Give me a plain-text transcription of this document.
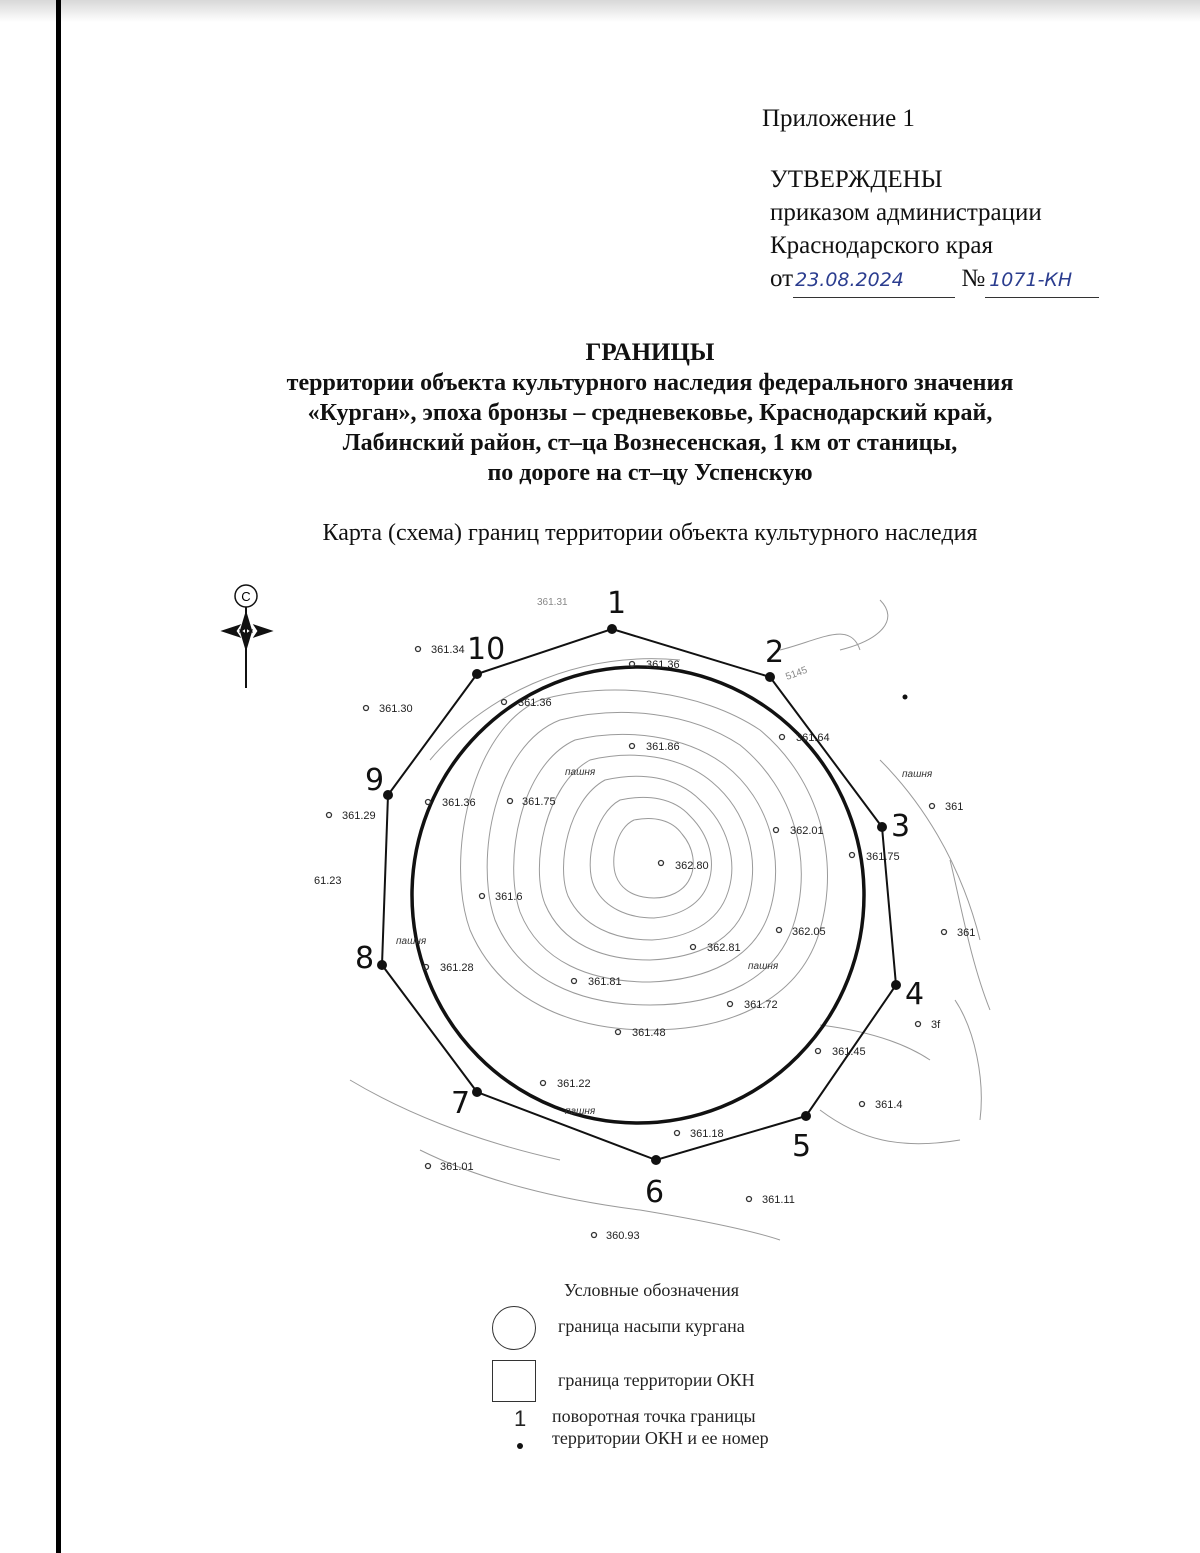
Приложение 1
УТВЕРЖДЕНЫ
приказом администрации
Краснодарского края
от 23.08.2024 № 1071-КН
ГРАНИЦЫ
территории объекта культурного наследия федерального значения
«Курган», эпоха бронзы – средневековье, Краснодарский край,
Лабинский район, ст–ца Вознесенская, 1 км от станицы,
по дороге на ст–цу Успенскую
Карта (схема) границ территории объекта культурного наследия
С	1
2
3
4
5
6
7
8
9
10	361.36
361.36
361.86
361.64
361.36	361.75
362.01
361.75
362.80
361.6
362.05
362.81
361.28
361.81
361.72
361.48
361.45
361.22
361.18
361.34
361.30
361.29
61.23
361
361
3f
361.4
361.11
361.01
360.93
пашня	пашня
пашня
пашня
пашня
361.31
5145
Условные обозначения
граница насыпи кургана
граница территории ОКН
1 поворотная точка границы
территории ОКН и ее номер
